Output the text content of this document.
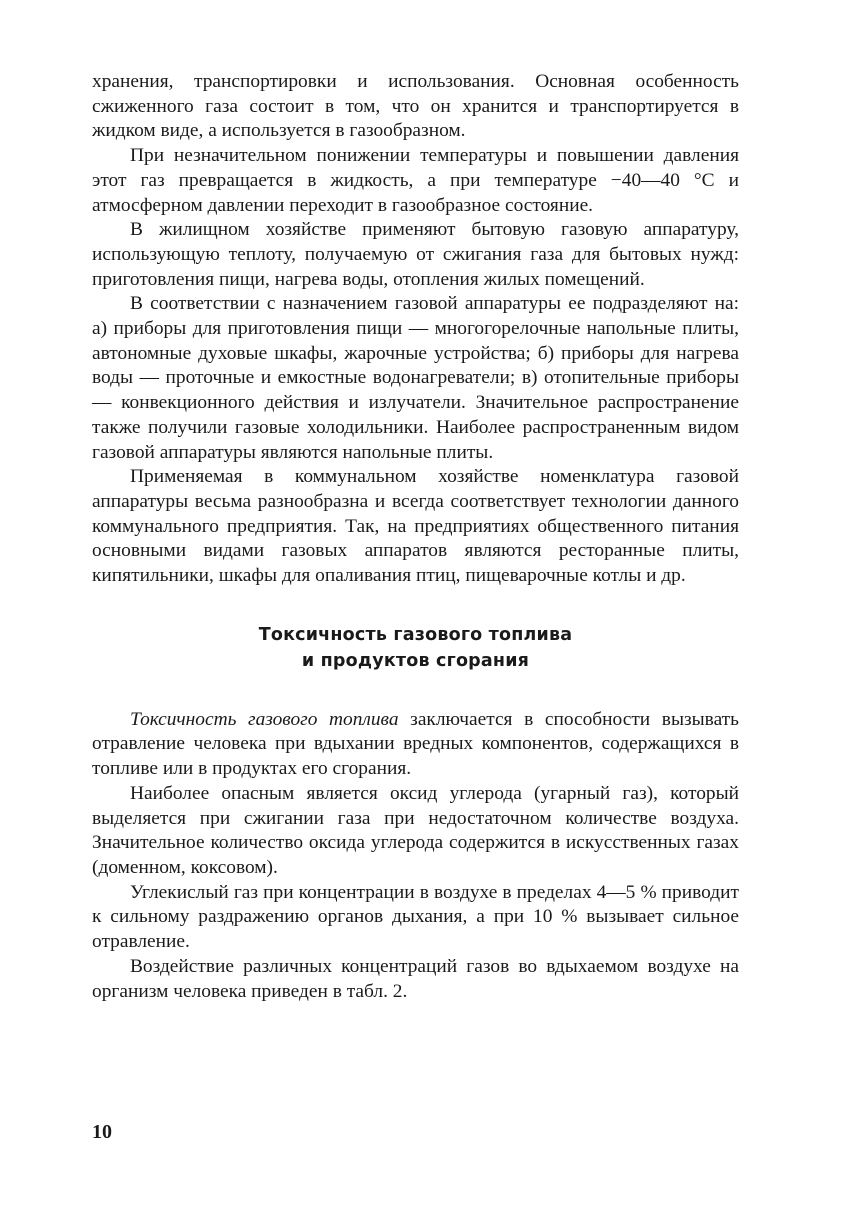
хранения, транспортировки и использования. Основная особенность сжиженного газа состоит в том, что он хранится и транспортируется в жидком виде, а используется в газообразном.

При незначительном понижении температуры и повышении давления этот газ превращается в жидкость, а при температуре −40—40 °С и атмосферном давлении переходит в газообразное состояние.

В жилищном хозяйстве применяют бытовую газовую аппаратуру, использующую теплоту, получаемую от сжигания газа для бытовых нужд: приготовления пищи, нагрева воды, отопления жилых помещений.

В соответствии с назначением газовой аппаратуры ее подразделяют на: а) приборы для приготовления пищи — многогорелочные напольные плиты, автономные духовые шкафы, жарочные устройства; б) приборы для нагрева воды — проточные и емкостные водонагреватели; в) отопительные приборы — конвекционного действия и излучатели. Значительное распространение также получили газовые холодильники. Наиболее распространенным видом газовой аппаратуры являются напольные плиты.

Применяемая в коммунальном хозяйстве номенклатура газовой аппаратуры весьма разнообразна и всегда соответствует технологии данного коммунального предприятия. Так, на предприятиях общественного питания основными видами газовых аппаратов являются ресторанные плиты, кипятильники, шкафы для опаливания птиц, пищеварочные котлы и др.

Токсичность газового топлива
и продуктов сгорания

Токсичность газового топлива заключается в способности вызывать отравление человека при вдыхании вредных компонентов, содержащихся в топливе или в продуктах его сгорания.

Наиболее опасным является оксид углерода (угарный газ), который выделяется при сжигании газа при недостаточном количестве воздуха. Значительное количество оксида углерода содержится в искусственных газах (доменном, коксовом).

Углекислый газ при концентрации в воздухе в пределах 4—5 % приводит к сильному раздражению органов дыхания, а при 10 % вызывает сильное отравление.

Воздействие различных концентраций газов во вдыхаемом воздухе на организм человека приведен в табл. 2.

10
